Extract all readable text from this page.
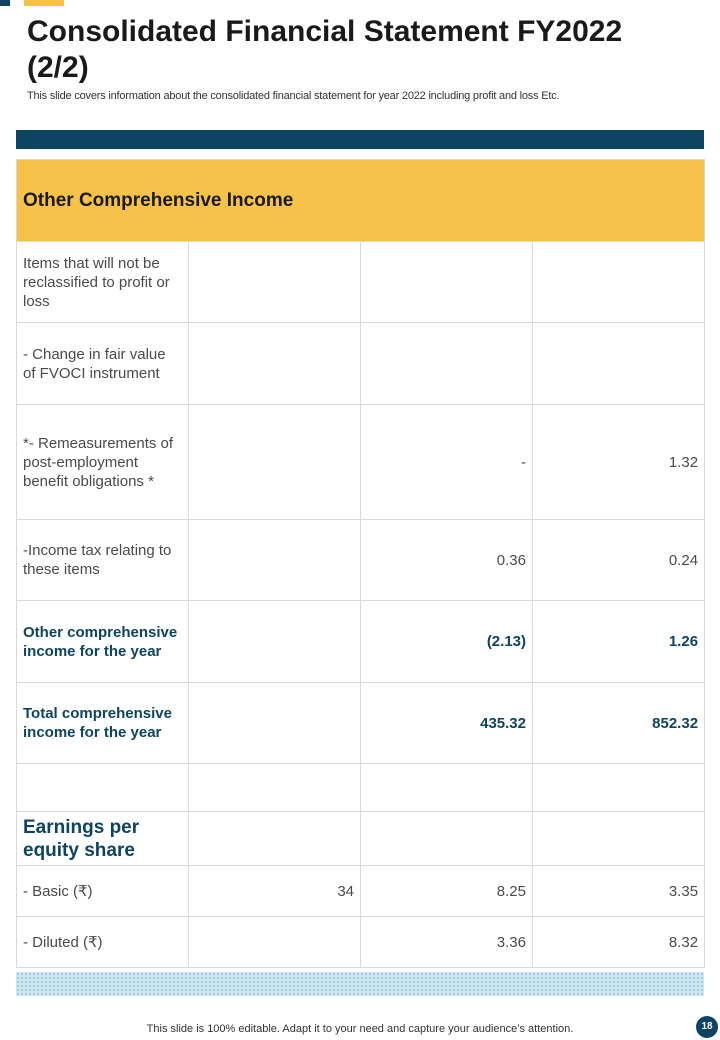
Consolidated Financial Statement FY2022 (2/2)
This slide covers information about the consolidated financial statement for year 2022 including profit and loss Etc.
Other Comprehensive Income			
Items that will not be reclassified to profit or loss			
- Change in fair value of FVOCI instrument			
*- Remeasurements of post-employment benefit obligations *		-	1.32
-Income tax relating to these items		0.36	0.24
Other comprehensive income for the year		(2.13)	1.26
Total comprehensive income for the year		435.32	852.32

Earnings per equity share			
- Basic (₹)	34	8.25	3.35
- Diluted (₹)		3.36	8.32
This slide is 100% editable. Adapt it to your need and capture your audience’s attention.	18
